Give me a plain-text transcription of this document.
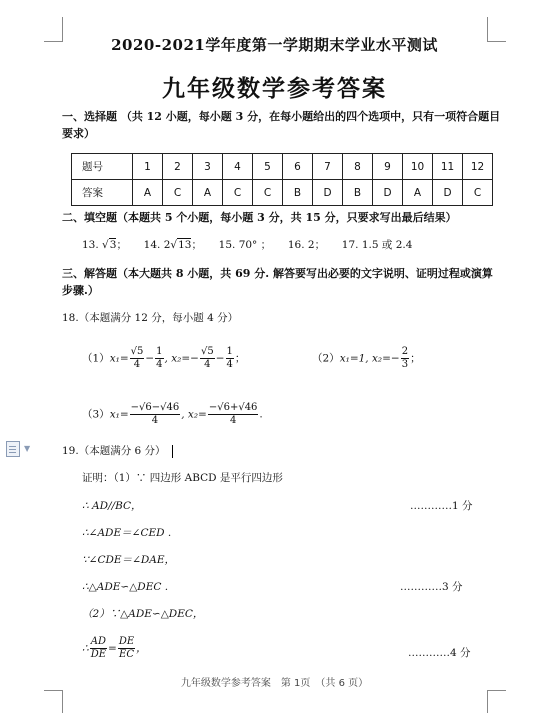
2020-2021学年度第一学期期末学业水平测试
九年级数学参考答案
一、选择题 （共 12 小题，每小题 3 分，在每小题给出的四个选项中，只有一项符合题目要求）
题号	1	2	3	4	5	6	7	8	9	10	11	12
答案	A	C	A	C	C	B	D	B	D	A	D	C
二、填空题（本题共 5 个小题，每小题 3 分，共 15 分，只要求写出最后结果）
13. √3； 14. 2√13； 15. 70° ； 16. 2； 17. 1.5 或 2.4
三、解答题（本大题共 8 小题，共 69 分. 解答要写出必要的文字说明、证明过程或演算步骤.）
18.（本题满分 12 分，每小题 4 分）
$(1)x_1= \frac{√5}{4} - \frac{1}{4}$ , $x_2=- \frac{√5}{4} - \frac{1}{4}$ ；	（2）x₁=1, $x_2=- \frac{2}{3}$ ；
$(3)x_1= \frac{-√6-√46}{4}$ , $x_2= \frac{-√6+√46}{4}$ .
▼	19.（本题满分 6 分）
证明：（1）∵ 四边形 ABCD 是平行四边形
∴ AD//BC，	…………1 分
∴∠ADE＝∠CED .
∵∠CDE＝∠DAE，
∴△ADE∽△DEC .	…………3 分
（2）∵△ADE∽△DEC，
∴ $\frac{AD}{DE} = \frac{DE}{EC}$ ，	…………4 分
九年级数学参考答案　第 1页　（共 6 页）
